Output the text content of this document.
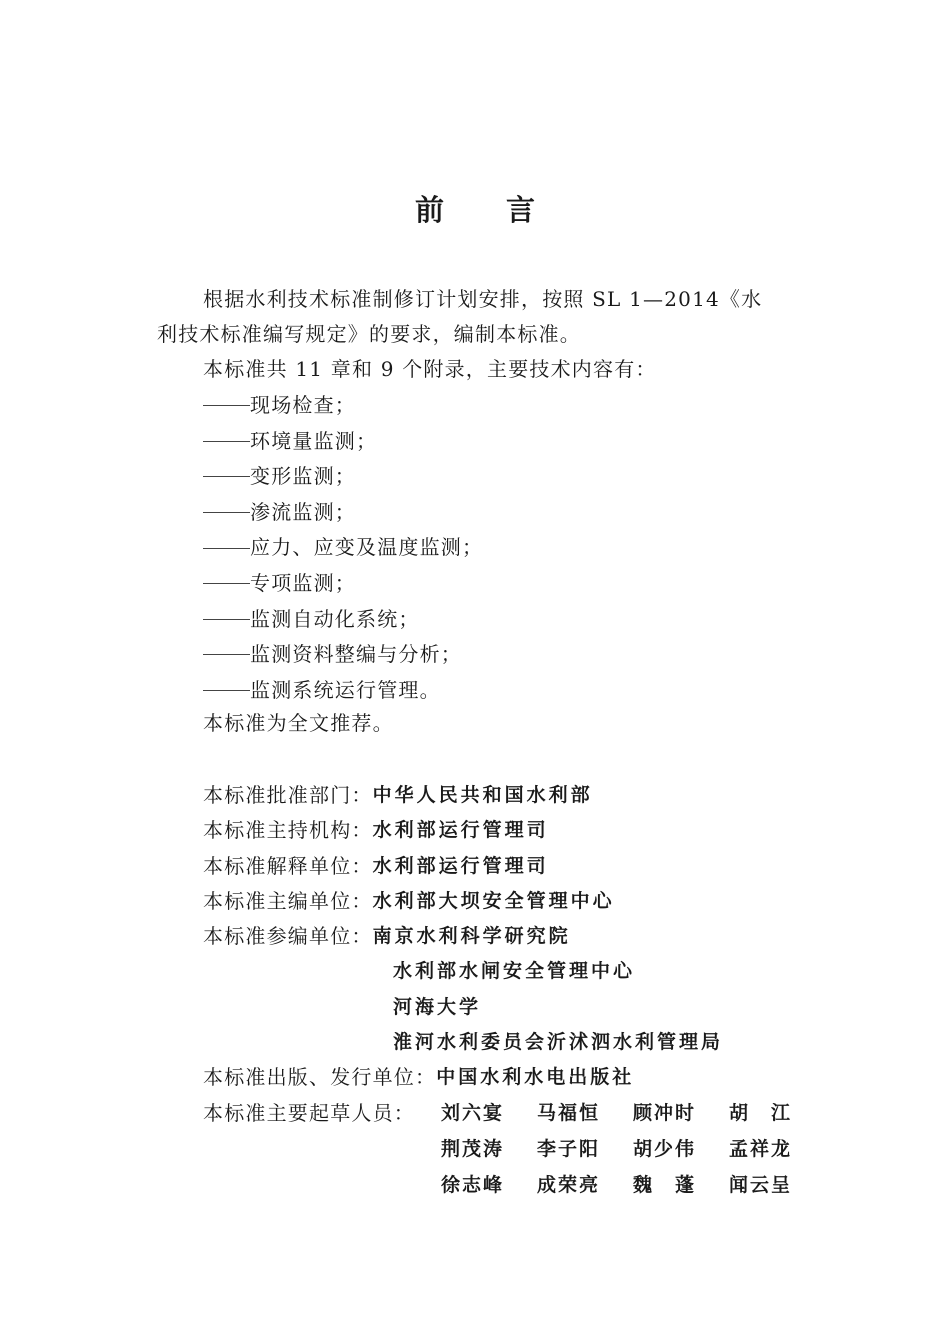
前 言
根据水利技术标准制修订计划安排，按照 SL 1—2014《水
利技术标准编写规定》的要求，编制本标准。
本标准共 11 章和 9 个附录，主要技术内容有：
现场检查；
环境量监测；
变形监测；
渗流监测；
应力、应变及温度监测；
专项监测；
监测自动化系统；
监测资料整编与分析；
监测系统运行管理。
本标准为全文推荐。
本标准批准部门： 中华人民共和国水利部
本标准主持机构： 水利部运行管理司
本标准解释单位： 水利部运行管理司
本标准主编单位： 水利部大坝安全管理中心
本标准参编单位： 南京水利科学研究院
水利部水闸安全管理中心
河海大学
淮河水利委员会沂沭泗水利管理局
本标准出版、发行单位： 中国水利水电出版社
本标准主要起草人员：	刘六宴	马福恒	顾冲时	胡　江
荆茂涛	李子阳	胡少伟	孟祥龙
徐志峰	成荣亮	魏　蓬	闻云呈
